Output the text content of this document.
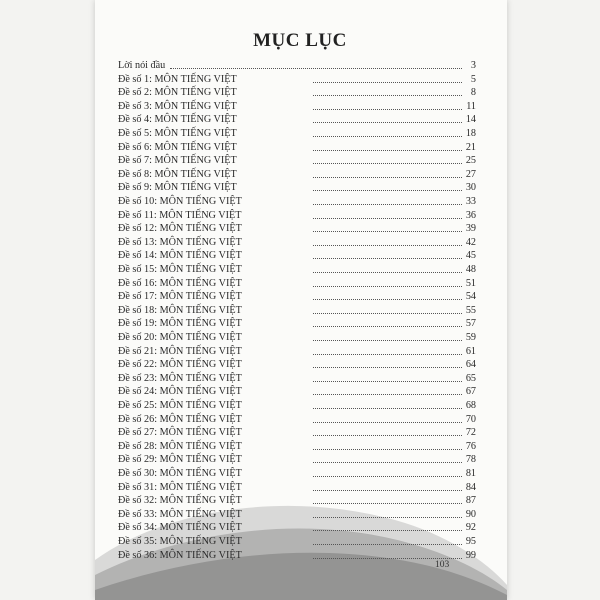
MỤC LỤC
Lời nói đầu	3
Đề số 1: MÔN TIẾNG VIỆT	5
Đề số 2: MÔN TIẾNG VIỆT	8
Đề số 3: MÔN TIẾNG VIỆT	11
Đề số 4: MÔN TIẾNG VIỆT	14
Đề số 5: MÔN TIẾNG VIỆT	18
Đề số 6: MÔN TIẾNG VIỆT	21
Đề số 7: MÔN TIẾNG VIỆT	25
Đề số 8: MÔN TIẾNG VIỆT	27
Đề số 9: MÔN TIẾNG VIỆT	30
Đề số 10: MÔN TIẾNG VIỆT	33
Đề số 11: MÔN TIẾNG VIỆT	36
Đề số 12: MÔN TIẾNG VIỆT	39
Đề số 13: MÔN TIẾNG VIỆT	42
Đề số 14: MÔN TIẾNG VIỆT	45
Đề số 15: MÔN TIẾNG VIỆT	48
Đề số 16: MÔN TIẾNG VIỆT	51
Đề số 17: MÔN TIẾNG VIỆT	54
Đề số 18: MÔN TIẾNG VIỆT	55
Đề số 19: MÔN TIẾNG VIỆT	57
Đề số 20: MÔN TIẾNG VIỆT	59
Đề số 21: MÔN TIẾNG VIỆT	61
Đề số 22: MÔN TIẾNG VIỆT	64
Đề số 23: MÔN TIẾNG VIỆT	65
Đề số 24: MÔN TIẾNG VIỆT	67
Đề số 25: MÔN TIẾNG VIỆT	68
Đề số 26: MÔN TIẾNG VIỆT	70
Đề số 27: MÔN TIẾNG VIỆT	72
Đề số 28: MÔN TIẾNG VIỆT	76
Đề số 29: MÔN TIẾNG VIỆT	78
Đề số 30: MÔN TIẾNG VIỆT	81
Đề số 31: MÔN TIẾNG VIỆT	84
Đề số 32: MÔN TIẾNG VIỆT	87
Đề số 33: MÔN TIẾNG VIỆT	90
Đề số 34: MÔN TIẾNG VIỆT	92
Đề số 35: MÔN TIẾNG VIỆT	95
Đề số 36: MÔN TIẾNG VIỆT	99
103
